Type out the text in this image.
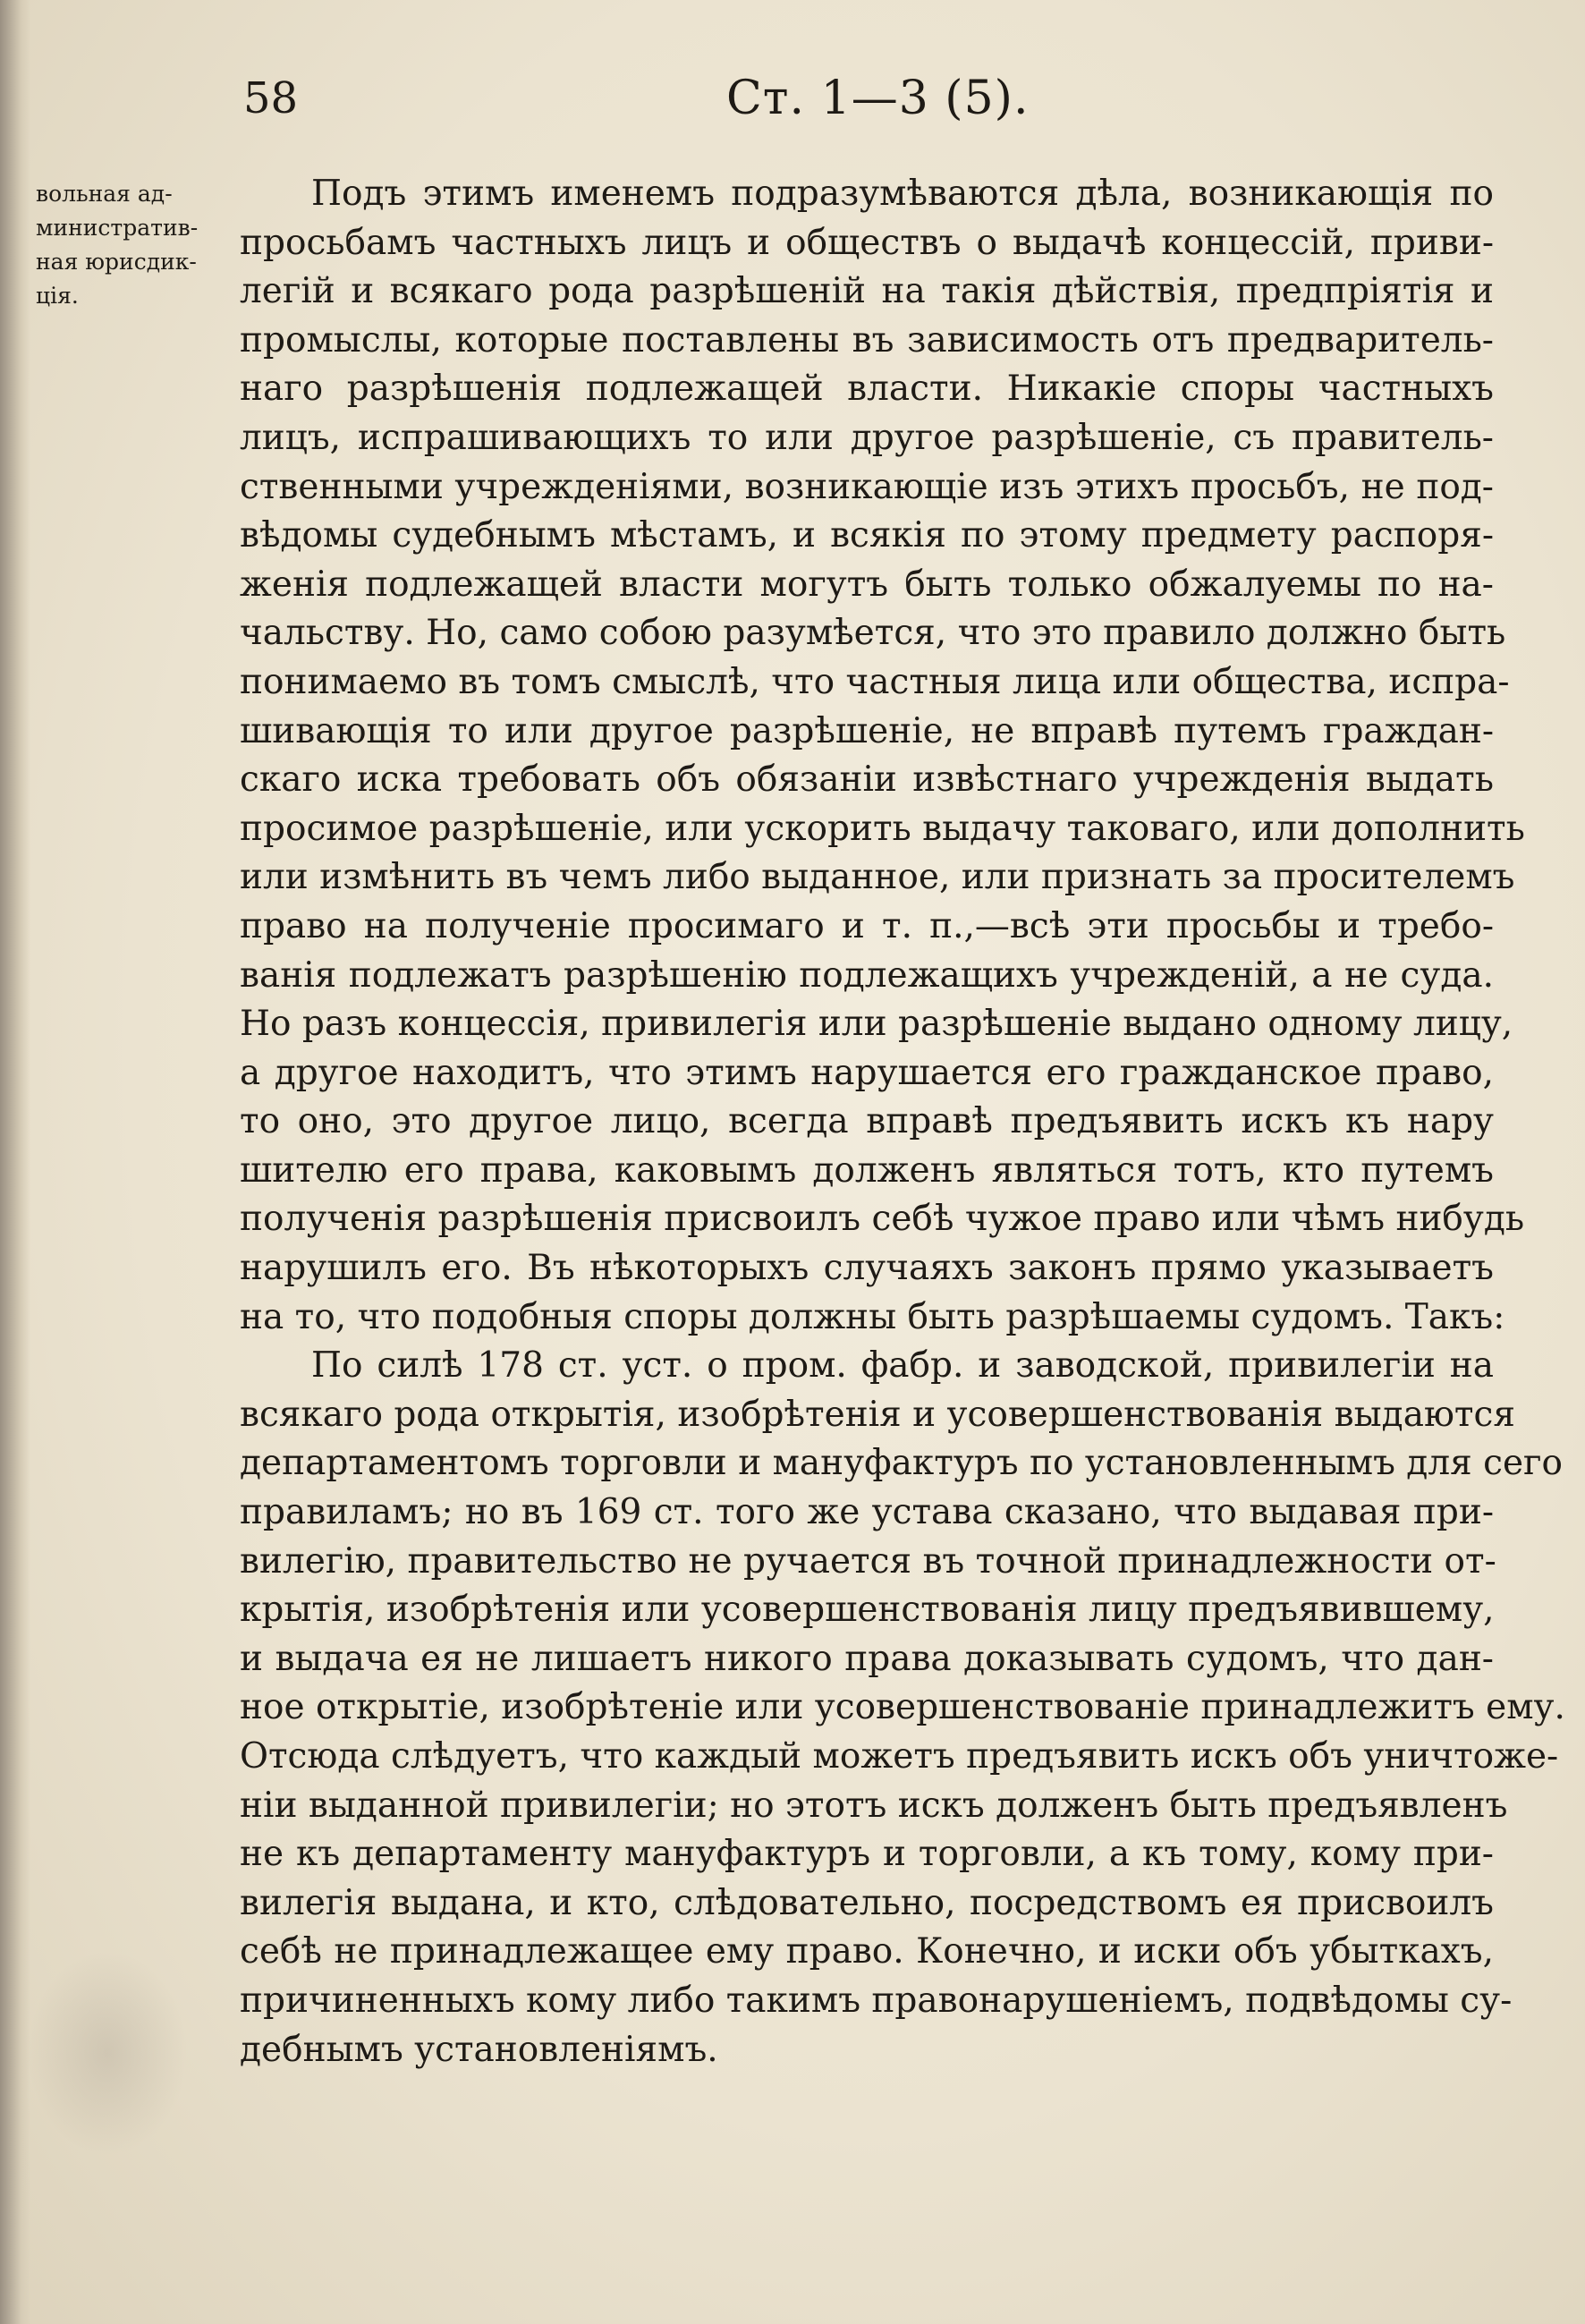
58	Ст. 1—3 (5).
вольная ад-
министратив-
ная юрисдик-
ція.
Подъ этимъ именемъ подразумѣваются дѣла, возникающія по
просьбамъ частныхъ лицъ и обществъ о выдачѣ концессій, приви-
легій и всякаго рода разрѣшеній на такія дѣйствія, предпріятія и
промыслы, которые поставлены въ зависимость отъ предваритель-
наго разрѣшенія подлежащей власти. Никакіе споры частныхъ
лицъ, испрашивающихъ то или другое разрѣшеніе, съ правитель-
ственными учрежденіями, возникающіе изъ этихъ просьбъ, не под-
вѣдомы судебнымъ мѣстамъ, и всякія по этому предмету распоря-
женія подлежащей власти могутъ быть только обжалуемы по на-
чальству. Но, само собою разумѣется, что это правило должно быть
понимаемо въ томъ смыслѣ, что частныя лица или общества, испра-
шивающія то или другое разрѣшеніе, не вправѣ путемъ граждан-
скаго иска требовать объ обязаніи извѣстнаго учрежденія выдать
просимое разрѣшеніе, или ускорить выдачу таковаго, или дополнить
или измѣнить въ чемъ либо выданное, или признать за просителемъ
право на полученіе просимаго и т. п.,—всѣ эти просьбы и требо-
ванія подлежатъ разрѣшенію подлежащихъ учрежденій, а не суда.
Но разъ концессія, привилегія или разрѣшеніе выдано одному лицу,
а другое находитъ, что этимъ нарушается его гражданское право,
то оно, это другое лицо, всегда вправѣ предъявить искъ къ нару
шителю его права, каковымъ долженъ являться тотъ, кто путемъ
полученія разрѣшенія присвоилъ себѣ чужое право или чѣмъ нибудь
нарушилъ его. Въ нѣкоторыхъ случаяхъ законъ прямо указываетъ
на то, что подобныя споры должны быть разрѣшаемы судомъ. Такъ:
По силѣ 178 ст. уст. о пром. фабр. и заводской, привилегіи на
всякаго рода открытія, изобрѣтенія и усовершенствованія выдаются
департаментомъ торговли и мануфактуръ по установленнымъ для сего
правиламъ; но въ 169 ст. того же устава сказано, что выдавая при-
вилегію, правительство не ручается въ точной принадлежности от-
крытія, изобрѣтенія или усовершенствованія лицу предъявившему,
и выдача ея не лишаетъ никого права доказывать судомъ, что дан-
ное открытіе, изобрѣтеніе или усовершенствованіе принадлежитъ ему.
Отсюда слѣдуетъ, что каждый можетъ предъявить искъ объ уничтоже-
ніи выданной привилегіи; но этотъ искъ долженъ быть предъявленъ
не къ департаменту мануфактуръ и торговли, а къ тому, кому при-
вилегія выдана, и кто, слѣдовательно, посредствомъ ея присвоилъ
себѣ не принадлежащее ему право. Конечно, и иски объ убыткахъ,
причиненныхъ кому либо такимъ правонарушеніемъ, подвѣдомы су-
дебнымъ установленіямъ.
